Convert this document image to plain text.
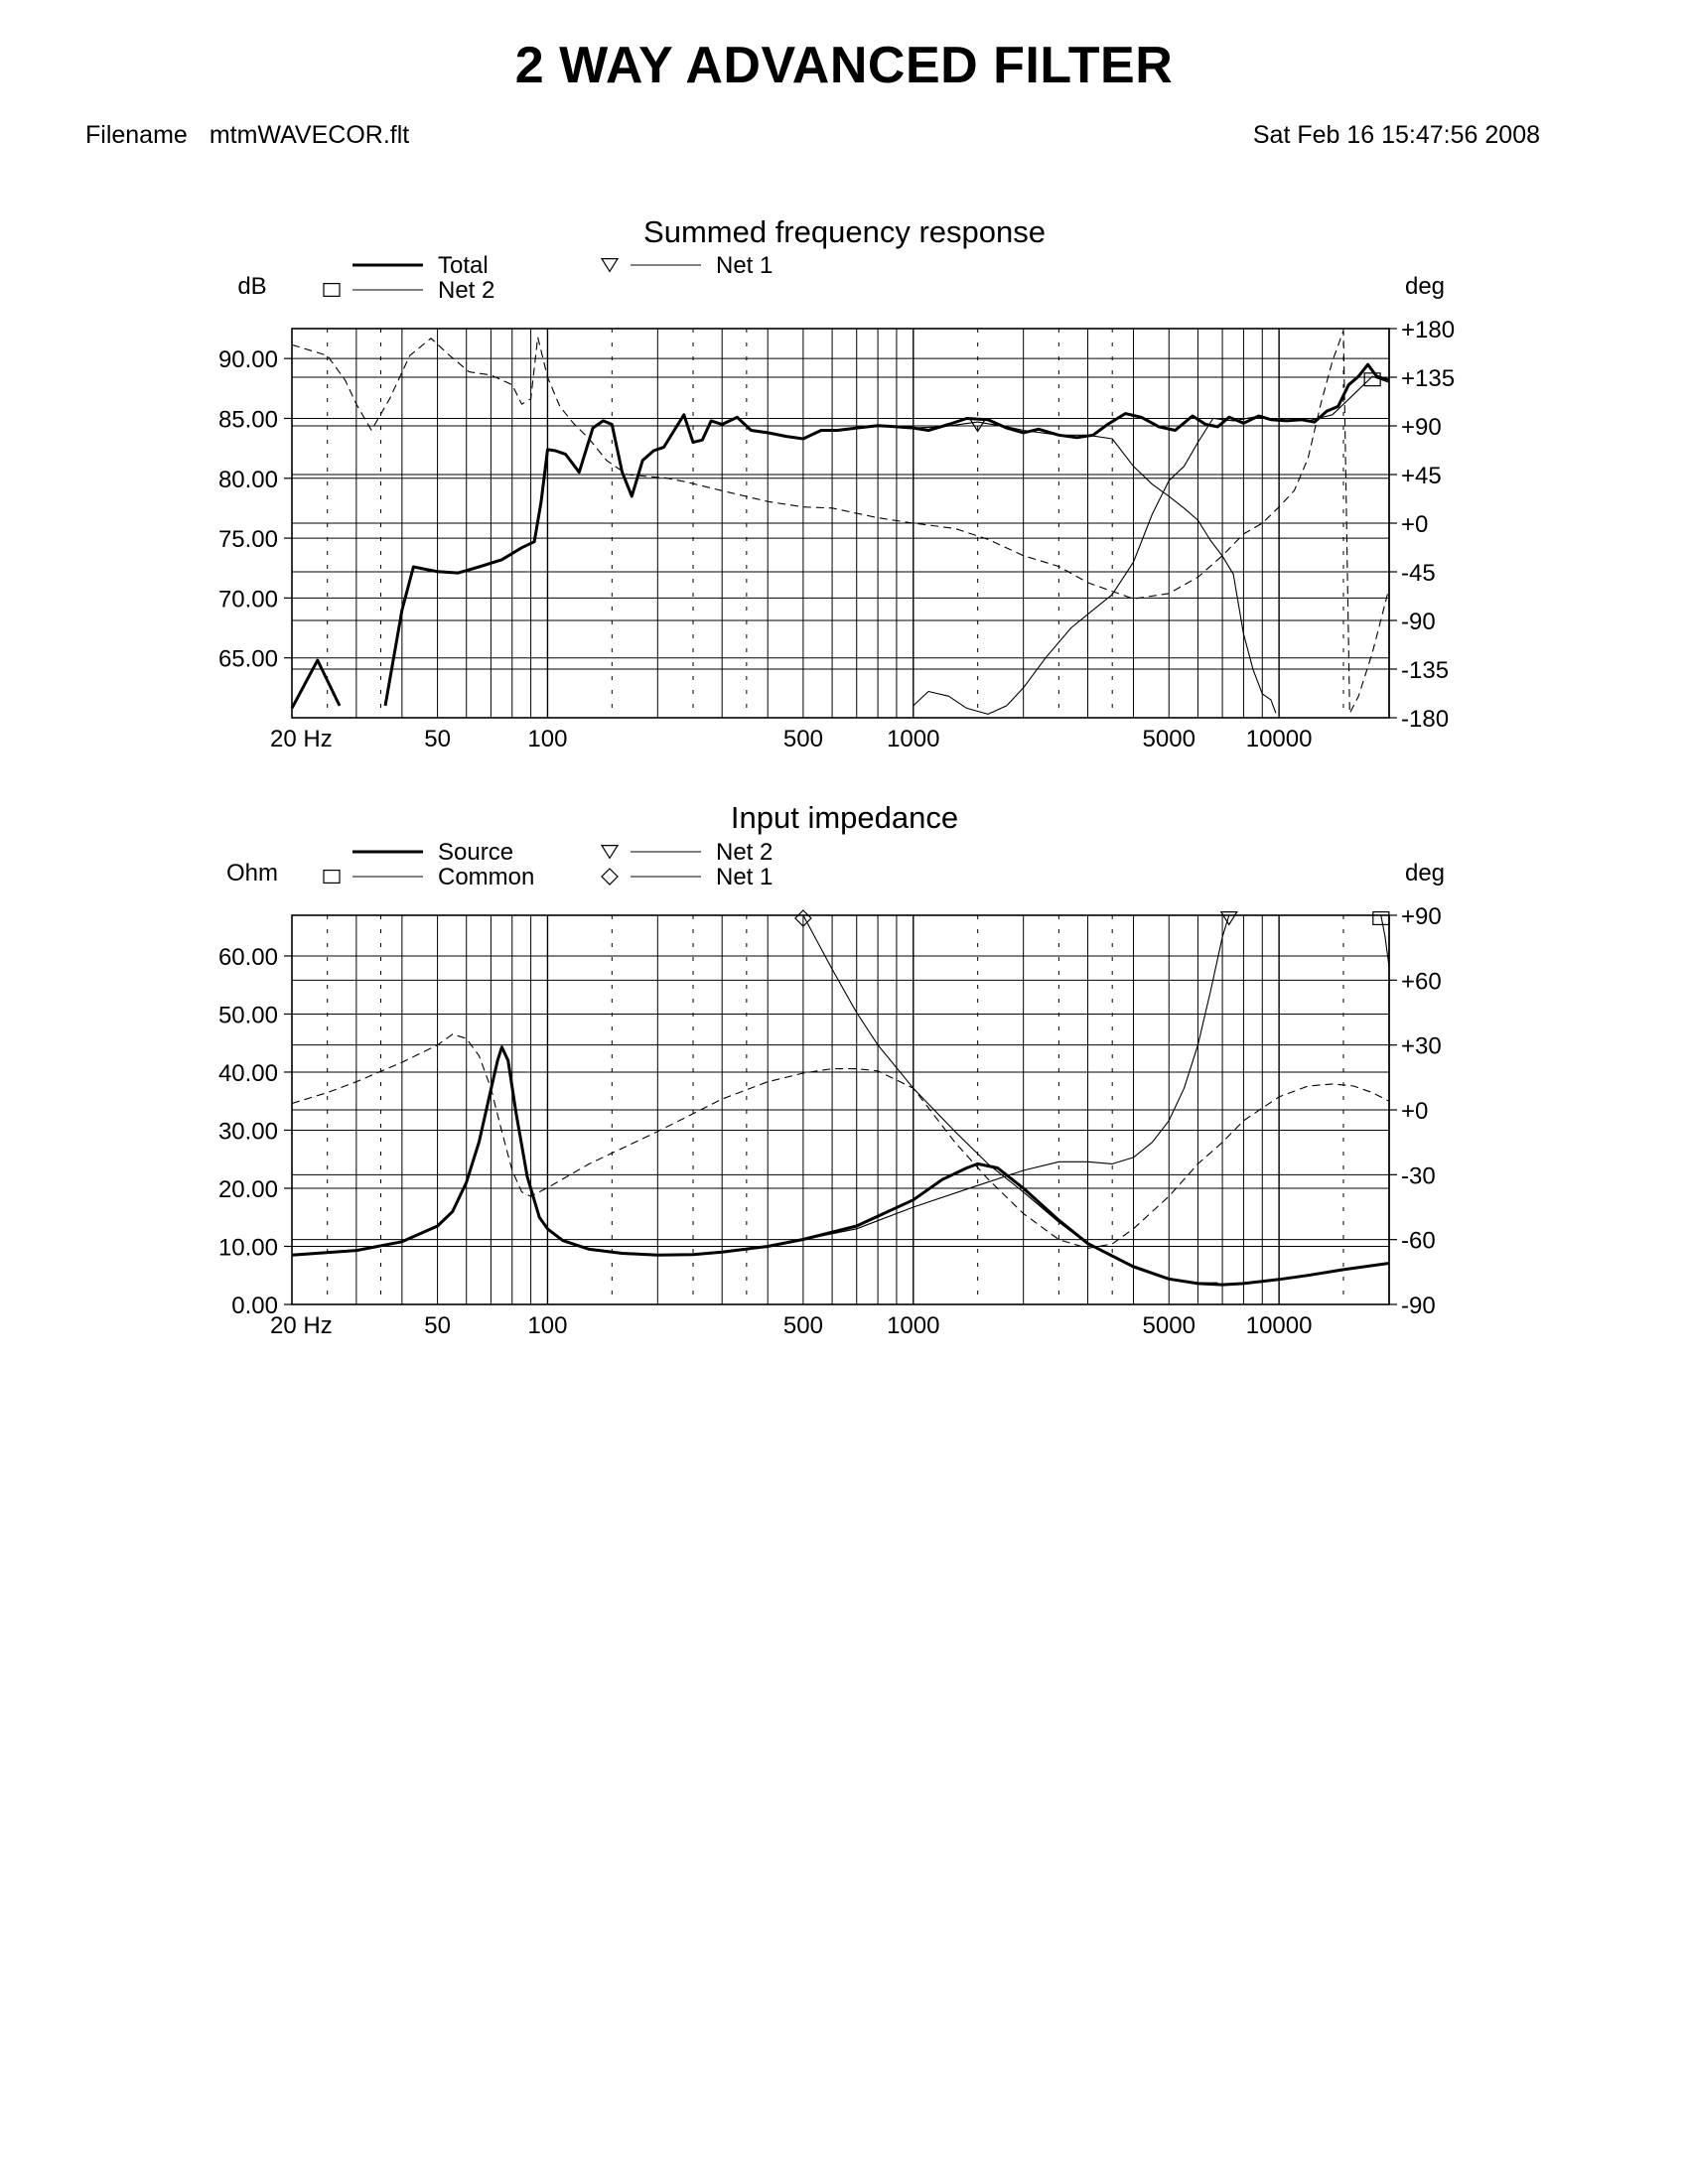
2 WAY ADVANCED FILTER
Filename mtmWAVECOR.flt	Sat Feb 16 15:47:56 2008
Summed frequency response
65.00
70.00
75.00
80.00
85.00
90.00
-180
-135
-90
-45
+0
+45
+90
+135
+180
20 Hz	50	100	500	1000	5000 10000
dB	deg
Total	Net 1
Net 2
Input impedance
0.00
10.00
20.00
30.00
40.00
50.00
60.00
-90
-60
-30
+0
+30
+60
+90
20 Hz	50	100	500	1000	5000 10000
Ohm	deg
Source	Net 2
Common	Net 1
